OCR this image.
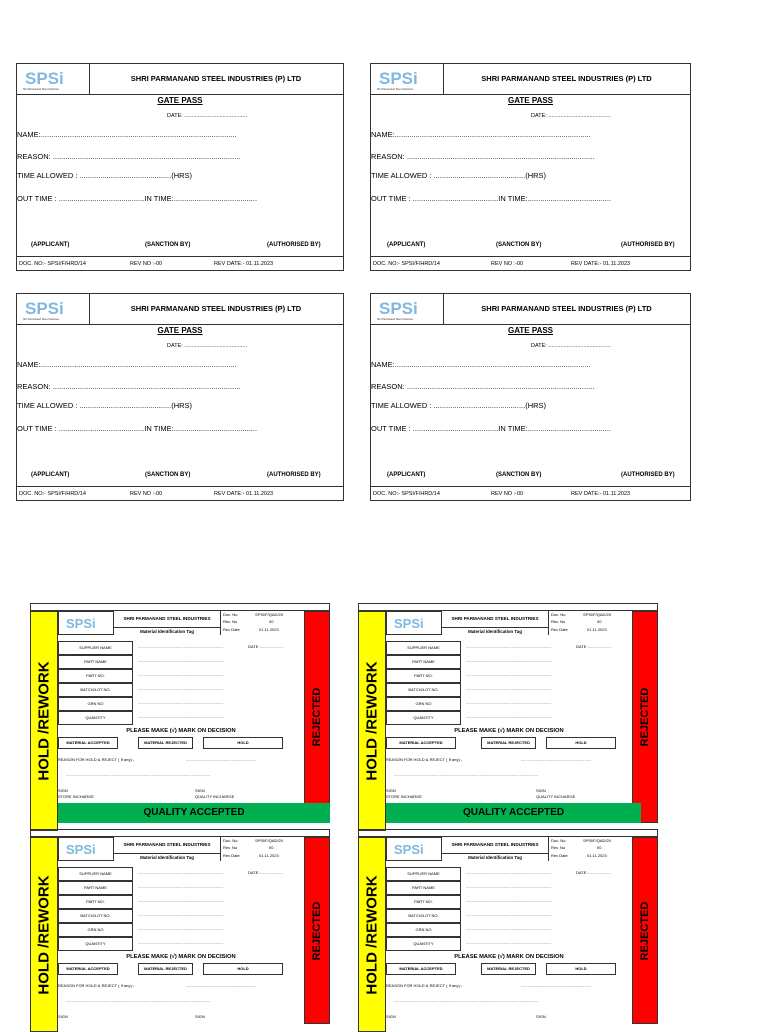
SPSi
Shri Parmanand Steel Industries
SHRI PARMANAND STEEL INDUSTRIES (P) LTD
GATE PASS
DATE: .........................................
NAME:..............................................................................................
REASON: ..........................................................................................
TIME ALLOWED : ............................................(HRS)
OUT TIME : .........................................IN TIME:........................................
(APPLICANT)	(SANCTION BY)	(AUTHORISED BY)
DOC. NO:- SPSI/F/HRD/14	REV NO :-00	REV DATE:- 01.11.2023
SPSi
Shri Parmanand Steel Industries
SHRI PARMANAND STEEL INDUSTRIES (P) LTD
GATE PASS
DATE: .........................................
NAME:..............................................................................................
REASON: ..........................................................................................
TIME ALLOWED : ............................................(HRS)
OUT TIME : .........................................IN TIME:........................................
(APPLICANT)	(SANCTION BY)	(AUTHORISED BY)
DOC. NO:- SPSI/F/HRD/14	REV NO :-00	REV DATE:- 01.11.2023
SPSi
Shri Parmanand Steel Industries
SHRI PARMANAND STEEL INDUSTRIES (P) LTD
GATE PASS
DATE: .........................................
NAME:..............................................................................................
REASON: ..........................................................................................
TIME ALLOWED : ............................................(HRS)
OUT TIME : .........................................IN TIME:........................................
(APPLICANT)	(SANCTION BY)	(AUTHORISED BY)
DOC. NO:- SPSI/F/HRD/14	REV NO :-00	REV DATE:- 01.11.2023
SPSi
Shri Parmanand Steel Industries
SHRI PARMANAND STEEL INDUSTRIES (P) LTD
GATE PASS
DATE: .........................................
NAME:..............................................................................................
REASON: ..........................................................................................
TIME ALLOWED : ............................................(HRS)
OUT TIME : .........................................IN TIME:........................................
(APPLICANT)	(SANCTION BY)	(AUTHORISED BY)
DOC. NO:- SPSI/F/HRD/14	REV NO :-00	REV DATE:- 01.11.2023
HOLD /REWORK	REJECTED
SPSi	SHRI PARMANAND STEEL INDUSTRIES
Material Identification Tag
Doc. No	SPSI/F/QAD/20
Rev. No	00
Rev Date	01.11.2023
SUPPLIER NAME	.............................................................................	DATE :....................
PART NAME	.............................................................................
PART NO.	.............................................................................
BATCH/LOT NO.	.............................................................................
GRN NO	.............................................................................
QUANTITY	.............................................................................
PLEASE MAKE (√) MARK ON DECISION
MATERIAL ACCEPTED	MATERIAL REJECTED	HOLD
REASON FOR HOLD & REJECT ( If any):-	...............................................................
..................................................................................................................................
SIGN
STORE INCHARGE
SIGN
QUALITY INCHARGE
QUALITY ACCEPTED
HOLD /REWORK	REJECTED
SPSi	SHRI PARMANAND STEEL INDUSTRIES
Material Identification Tag
Doc. No	SPSI/F/QAD/20
Rev. No	00
Rev Date	01.11.2023
SUPPLIER NAME	.............................................................................	DATE :....................
PART NAME	.............................................................................
PART NO.	.............................................................................
BATCH/LOT NO.	.............................................................................
GRN NO	.............................................................................
QUANTITY	.............................................................................
PLEASE MAKE (√) MARK ON DECISION
MATERIAL ACCEPTED	MATERIAL REJECTED	HOLD
REASON FOR HOLD & REJECT ( If any):-	...............................................................
..................................................................................................................................
SIGN
STORE INCHARGE
SIGN
QUALITY INCHARGE
QUALITY ACCEPTED
HOLD /REWORK	REJECTED
SPSi	SHRI PARMANAND STEEL INDUSTRIES
Material Identification Tag
Doc. No	SPSI/F/QAD/20
Rev. No	00
Rev Date	01.11.2023
SUPPLIER NAME	.............................................................................	DATE :....................
PART NAME	.............................................................................
PART NO.	.............................................................................
BATCH/LOT NO.	.............................................................................
GRN NO	.............................................................................
QUANTITY	.............................................................................
PLEASE MAKE (√) MARK ON DECISION
MATERIAL ACCEPTED	MATERIAL REJECTED	HOLD
REASON FOR HOLD & REJECT ( If any):-	...............................................................
..................................................................................................................................
SIGN	SIGN
HOLD /REWORK	REJECTED
SPSi	SHRI PARMANAND STEEL INDUSTRIES
Material Identification Tag
Doc. No	SPSI/F/QAD/20
Rev. No	00
Rev Date	01.11.2023
SUPPLIER NAME	.............................................................................	DATE :....................
PART NAME	.............................................................................
PART NO.	.............................................................................
BATCH/LOT NO.	.............................................................................
GRN NO	.............................................................................
QUANTITY	.............................................................................
PLEASE MAKE (√) MARK ON DECISION
MATERIAL ACCEPTED	MATERIAL REJECTED	HOLD
REASON FOR HOLD & REJECT ( If any):-	...............................................................
..................................................................................................................................
SIGN	SIGN
